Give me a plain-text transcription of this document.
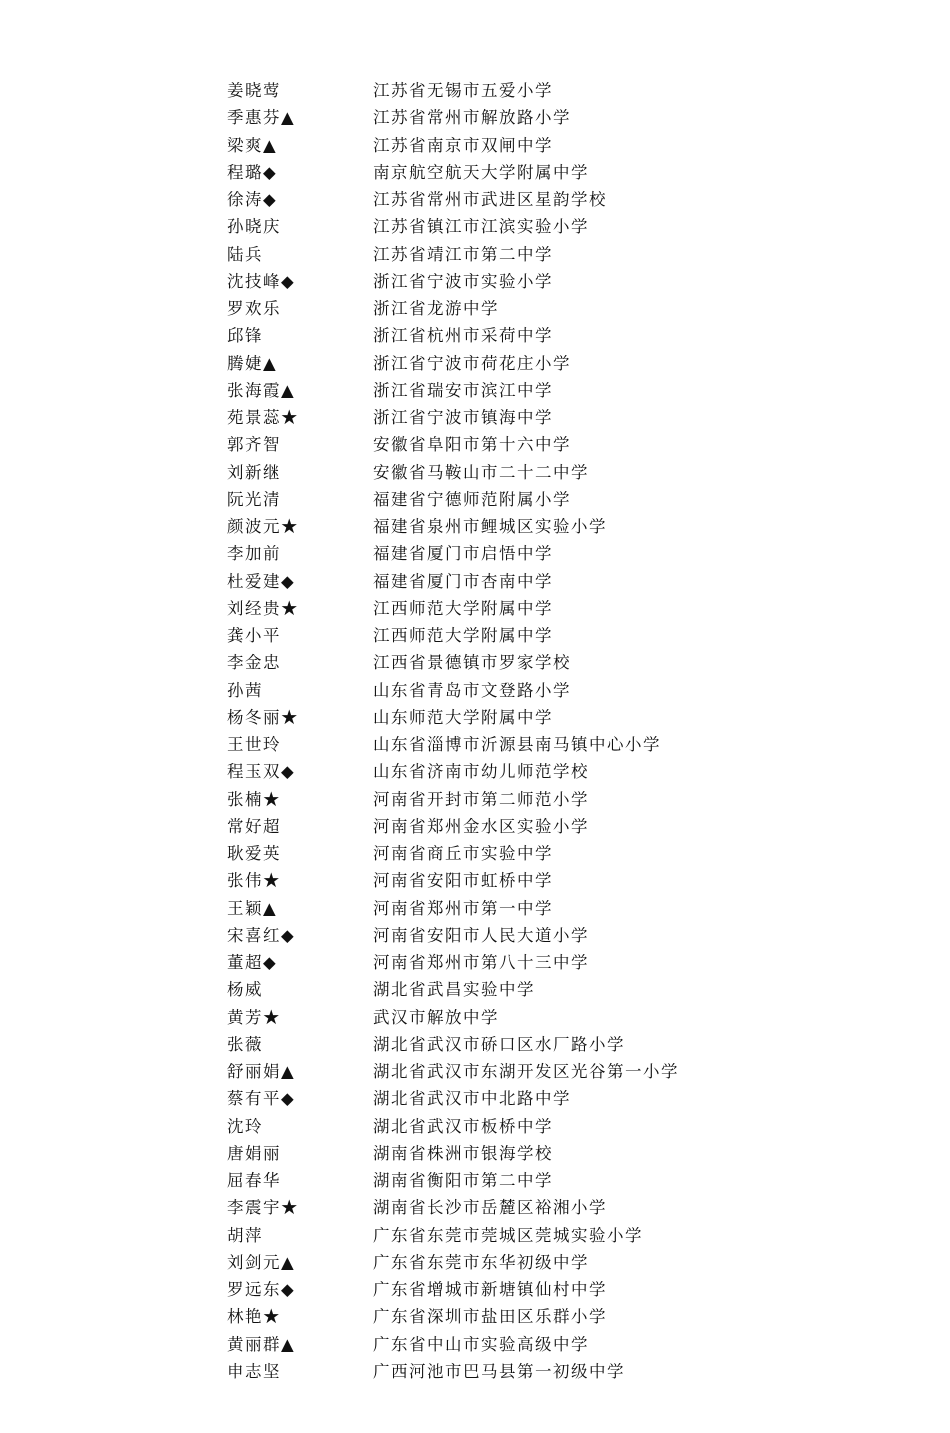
姜晓莺	江苏省无锡市五爱小学
季惠芬▲	江苏省常州市解放路小学
梁爽▲	江苏省南京市双闸中学
程璐◆	南京航空航天大学附属中学
徐涛◆	江苏省常州市武进区星韵学校
孙晓庆	江苏省镇江市江滨实验小学
陆兵	江苏省靖江市第二中学
沈技峰◆	浙江省宁波市实验小学
罗欢乐	浙江省龙游中学
邱锋	浙江省杭州市采荷中学
腾婕▲	浙江省宁波市荷花庄小学
张海霞▲	浙江省瑞安市滨江中学
苑景蕊★	浙江省宁波市镇海中学
郭齐智	安徽省阜阳市第十六中学
刘新继	安徽省马鞍山市二十二中学
阮光清	福建省宁德师范附属小学
颜波元★	福建省泉州市鲤城区实验小学
李加前	福建省厦门市启悟中学
杜爱建◆	福建省厦门市杏南中学
刘经贵★	江西师范大学附属中学
龚小平	江西师范大学附属中学
李金忠	江西省景德镇市罗家学校
孙茜	山东省青岛市文登路小学
杨冬丽★	山东师范大学附属中学
王世玲	山东省淄博市沂源县南马镇中心小学
程玉双◆	山东省济南市幼儿师范学校
张楠★	河南省开封市第二师范小学
常好超	河南省郑州金水区实验小学
耿爱英	河南省商丘市实验中学
张伟★	河南省安阳市虹桥中学
王颖▲	河南省郑州市第一中学
宋喜红◆	河南省安阳市人民大道小学
董超◆	河南省郑州市第八十三中学
杨威	湖北省武昌实验中学
黄芳★	武汉市解放中学
张薇	湖北省武汉市硚口区水厂路小学
舒丽娟▲	湖北省武汉市东湖开发区光谷第一小学
蔡有平◆	湖北省武汉市中北路中学
沈玲	湖北省武汉市板桥中学
唐娟丽	湖南省株洲市银海学校
屈春华	湖南省衡阳市第二中学
李震宇★	湖南省长沙市岳麓区裕湘小学
胡萍	广东省东莞市莞城区莞城实验小学
刘剑元▲	广东省东莞市东华初级中学
罗远东◆	广东省增城市新塘镇仙村中学
林艳★	广东省深圳市盐田区乐群小学
黄丽群▲	广东省中山市实验高级中学
申志坚	广西河池市巴马县第一初级中学
